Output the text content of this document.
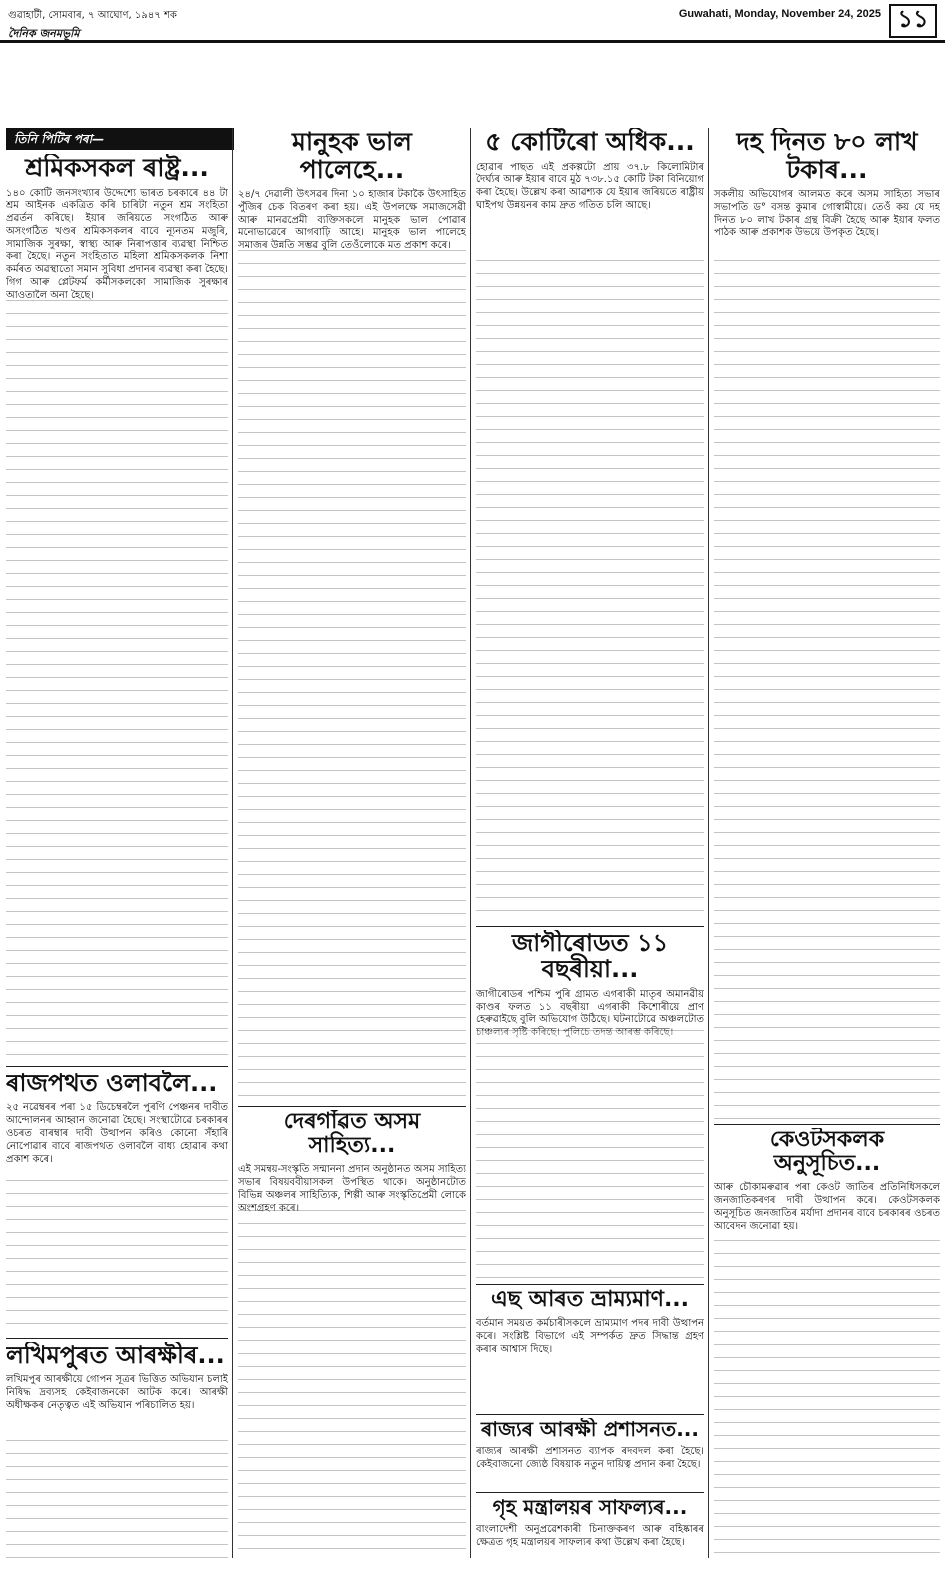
গুৱাহাটী, সোমবাৰ, ৭ আঘোণ, ১৯৪৭ শক
দৈনিক জনমভূমি
Guwahati, Monday, November 24, 2025 ১১
তিনি পিটিৰ পৰা—
শ্ৰমিকসকল ৰাষ্ট্ৰ...

১৪০ কোটি জনসংখ্যাৰ উদ্দেশ্যে ভাৰত চৰকাৰে ৪৪ টা শ্ৰম আইনক একত্ৰিত কৰি চাৰিটা নতুন শ্ৰম সংহিতা প্ৰৱৰ্তন কৰিছে। ইয়াৰ জৰিয়তে সংগঠিত আৰু অসংগঠিত খণ্ডৰ শ্ৰমিকসকলৰ বাবে ন্যূনতম মজুৰি, সামাজিক সুৰক্ষা, স্বাস্থ্য আৰু নিৰাপত্তাৰ ব্যৱস্থা নিশ্চিত কৰা হৈছে। নতুন সংহিতাত মহিলা শ্ৰমিকসকলক নিশা কৰ্মৰত অৱস্থাতো সমান সুবিধা প্ৰদানৰ ব্যৱস্থা কৰা হৈছে। গিগ আৰু প্লেটফৰ্ম কৰ্মীসকলকো সামাজিক সুৰক্ষাৰ আওতালৈ অনা হৈছে।

ৰাজপথত ওলাবলৈ...

২৫ নৱেম্বৰৰ পৰা ১৫ ডিচেম্বৰলৈ পুৰণি পেঞ্চনৰ দাবীত আন্দোলনৰ আহ্বান জনোৱা হৈছে। সংস্থাটোৱে চৰকাৰৰ ওচৰত বাৰম্বাৰ দাবী উত্থাপন কৰিও কোনো সঁহাৰি নোপোৱাৰ বাবে ৰাজপথত ওলাবলৈ বাধ্য হোৱাৰ কথা প্ৰকাশ কৰে।

লখিমপুৰত আৰক্ষীৰ...

লখিমপুৰ আৰক্ষীয়ে গোপন সূত্ৰৰ ভিত্তিত অভিযান চলাই নিষিদ্ধ দ্ৰব্যসহ কেইবাজনকো আটক কৰে। আৰক্ষী অধীক্ষকৰ নেতৃত্বত এই অভিযান পৰিচালিত হয়।

মানুহক ভাল পালেহে...

২৪/৭ দেৱালী উৎসৱৰ দিনা ১০ হাজাৰ টকাকৈ উৎসাহিত পুঁজিৰ চেক বিতৰণ কৰা হয়। এই উপলক্ষে সমাজসেৱী আৰু মানৱপ্ৰেমী ব্যক্তিসকলে মানুহক ভাল পোৱাৰ মনোভাৱেৰে আগবাঢ়ি আহে। মানুহক ভাল পালেহে সমাজৰ উন্নতি সম্ভৱ বুলি তেওঁলোকে মত প্ৰকাশ কৰে।

দেৰগাঁৱত অসম সাহিত্য...

এই সমন্বয়-সংস্কৃতি সন্মাননা প্ৰদান অনুষ্ঠানত অসম সাহিত্য সভাৰ বিষয়ববীয়াসকল উপস্থিত থাকে। অনুষ্ঠানটোত বিভিন্ন অঞ্চলৰ সাহিত্যিক, শিল্পী আৰু সংস্কৃতিপ্ৰেমী লোকে অংশগ্ৰহণ কৰে।

৫ কোটিৰো অধিক...

হোৱাৰ পাছত এই প্ৰকল্পটো প্ৰায় ৩৭.৮ কিলোমিটাৰ দৈৰ্ঘ্যৰ আৰু ইয়াৰ বাবে মুঠ ৭৩৮.১৫ কোটি টকা বিনিয়োগ কৰা হৈছে। উল্লেখ কৰা আৱশ্যক যে ইয়াৰ জৰিয়তে ৰাষ্ট্ৰীয় ঘাইপথ উন্নয়নৰ কাম দ্ৰুত গতিত চলি আছে।

জাগীৰোডত ১১ বছৰীয়া...

জাগীৰোডৰ পশ্চিম পুৰি গ্ৰামত এগৰাকী মাতৃৰ অমানৱীয় কাণ্ডৰ ফলত ১১ বছৰীয়া এগৰাকী কিশোৰীয়ে প্ৰাণ হেৰুৱাইছে বুলি অভিযোগ উঠিছে। ঘটনাটোৱে অঞ্চলটোত চাঞ্চল্যৰ সৃষ্টি কৰিছে। পুলিচে তদন্ত আৰম্ভ কৰিছে।

এছ আৰত ভ্ৰাম্যমাণ...

বৰ্তমান সময়ত কৰ্মচাৰীসকলে ভ্ৰাম্যমাণ পদৰ দাবী উত্থাপন কৰে। সংশ্লিষ্ট বিভাগে এই সম্পৰ্কত দ্ৰুত সিদ্ধান্ত গ্ৰহণ কৰাৰ আশ্বাস দিছে।

ৰাজ্যৰ আৰক্ষী প্ৰশাসনত...

ৰাজ্যৰ আৰক্ষী প্ৰশাসনত ব্যাপক ৰদবদল কৰা হৈছে। কেইবাজনো জ্যেষ্ঠ বিষয়াক নতুন দায়িত্ব প্ৰদান কৰা হৈছে।

গৃহ মন্ত্ৰালয়ৰ সাফল্যৰ...

বাংলাদেশী অনুপ্ৰৱেশকাৰী চিনাক্তকৰণ আৰু বহিষ্কাৰৰ ক্ষেত্ৰত গৃহ মন্ত্ৰালয়ৰ সাফল্যৰ কথা উল্লেখ কৰা হৈছে।

দহ দিনত ৮০ লাখ টকাৰ...

সকলীয় অভিযোগৰ আলমত কৰে অসম সাহিত্য সভাৰ সভাপতি ড° বসন্ত কুমাৰ গোস্বামীয়ে। তেওঁ কয় যে দহ দিনত ৮০ লাখ টকাৰ গ্ৰন্থ বিক্ৰী হৈছে আৰু ইয়াৰ ফলত পাঠক আৰু প্ৰকাশক উভয়ে উপকৃত হৈছে।

কেওটসকলক অনুসূচিত...

আৰু চৌকামৰুৱাৰ পৰা কেওট জাতিৰ প্ৰতিনিধিসকলে জনজাতিকৰণৰ দাবী উত্থাপন কৰে। কেওটসকলক অনুসূচিত জনজাতিৰ মৰ্যাদা প্ৰদানৰ বাবে চৰকাৰৰ ওচৰত আবেদন জনোৱা হয়।
